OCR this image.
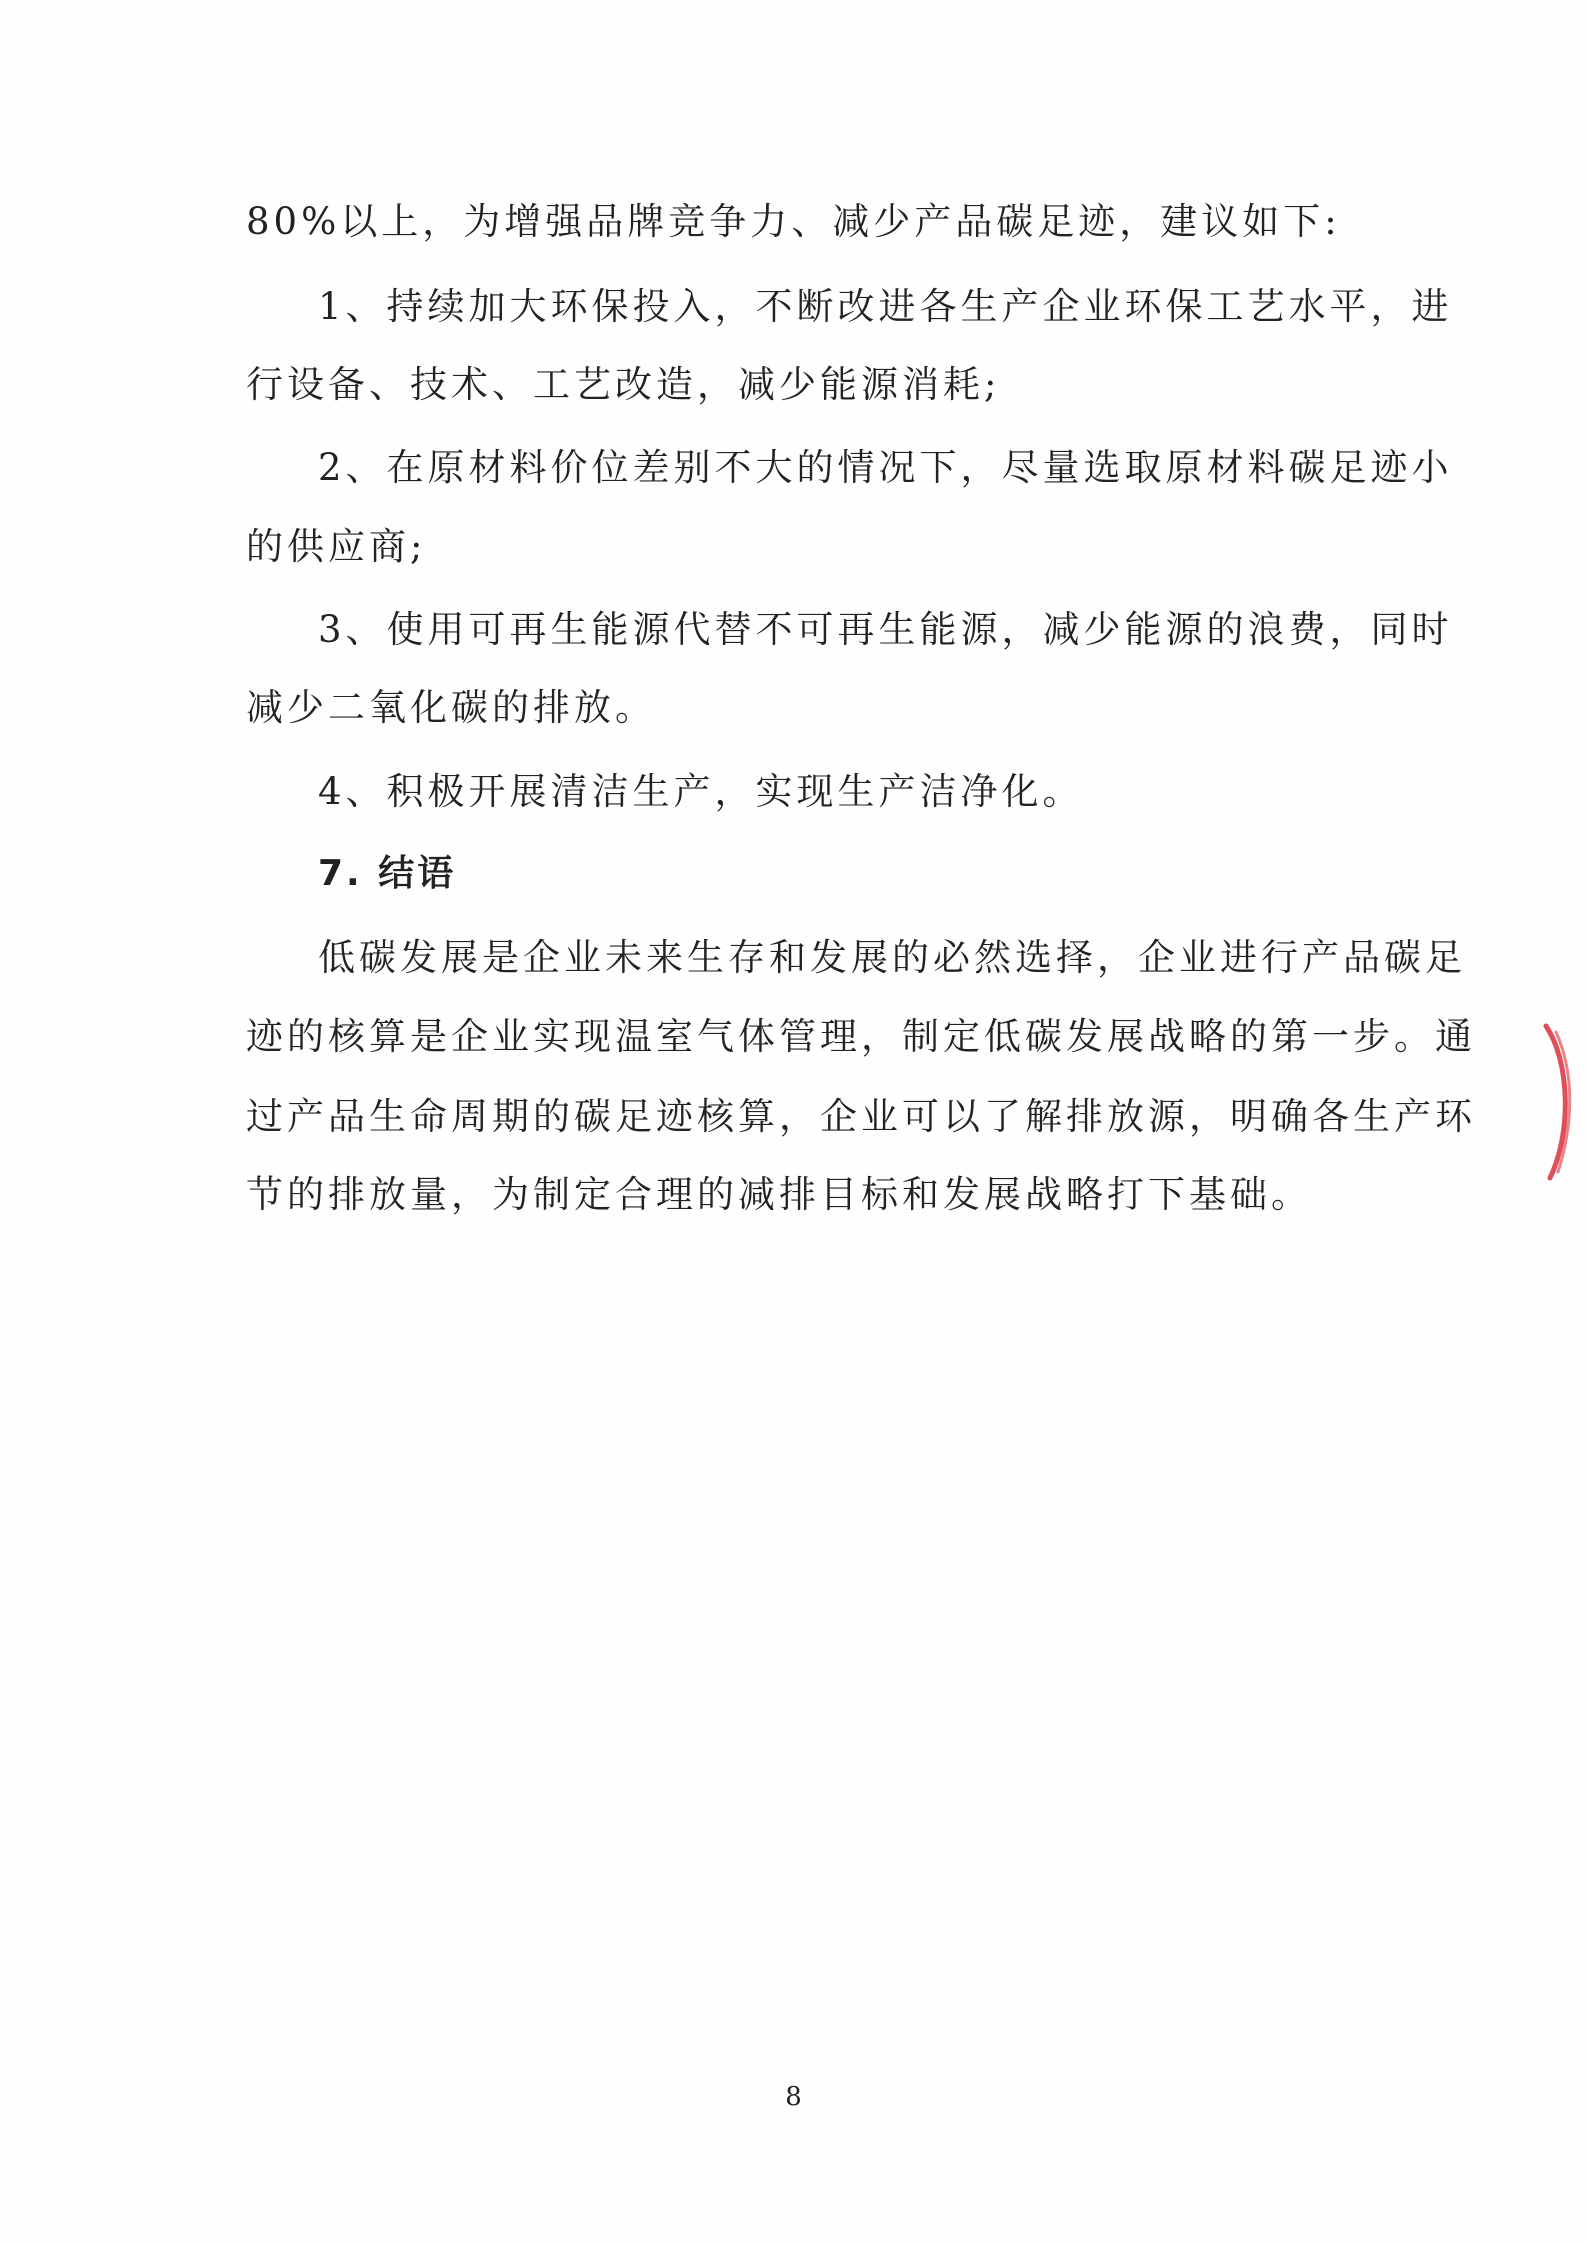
80%以上，为增强品牌竞争力、减少产品碳足迹，建议如下:
1、持续加大环保投入，不断改进各生产企业环保工艺水平，进
行设备、技术、工艺改造，减少能源消耗;
2、在原材料价位差别不大的情况下，尽量选取原材料碳足迹小
的供应商;
3、使用可再生能源代替不可再生能源，减少能源的浪费，同时
减少二氧化碳的排放。
4、积极开展清洁生产，实现生产洁净化。
7. 结语
低碳发展是企业未来生存和发展的必然选择，企业进行产品碳足
迹的核算是企业实现温室气体管理，制定低碳发展战略的第一步。通
过产品生命周期的碳足迹核算，企业可以了解排放源，明确各生产环
节的排放量，为制定合理的减排目标和发展战略打下基础。
8
